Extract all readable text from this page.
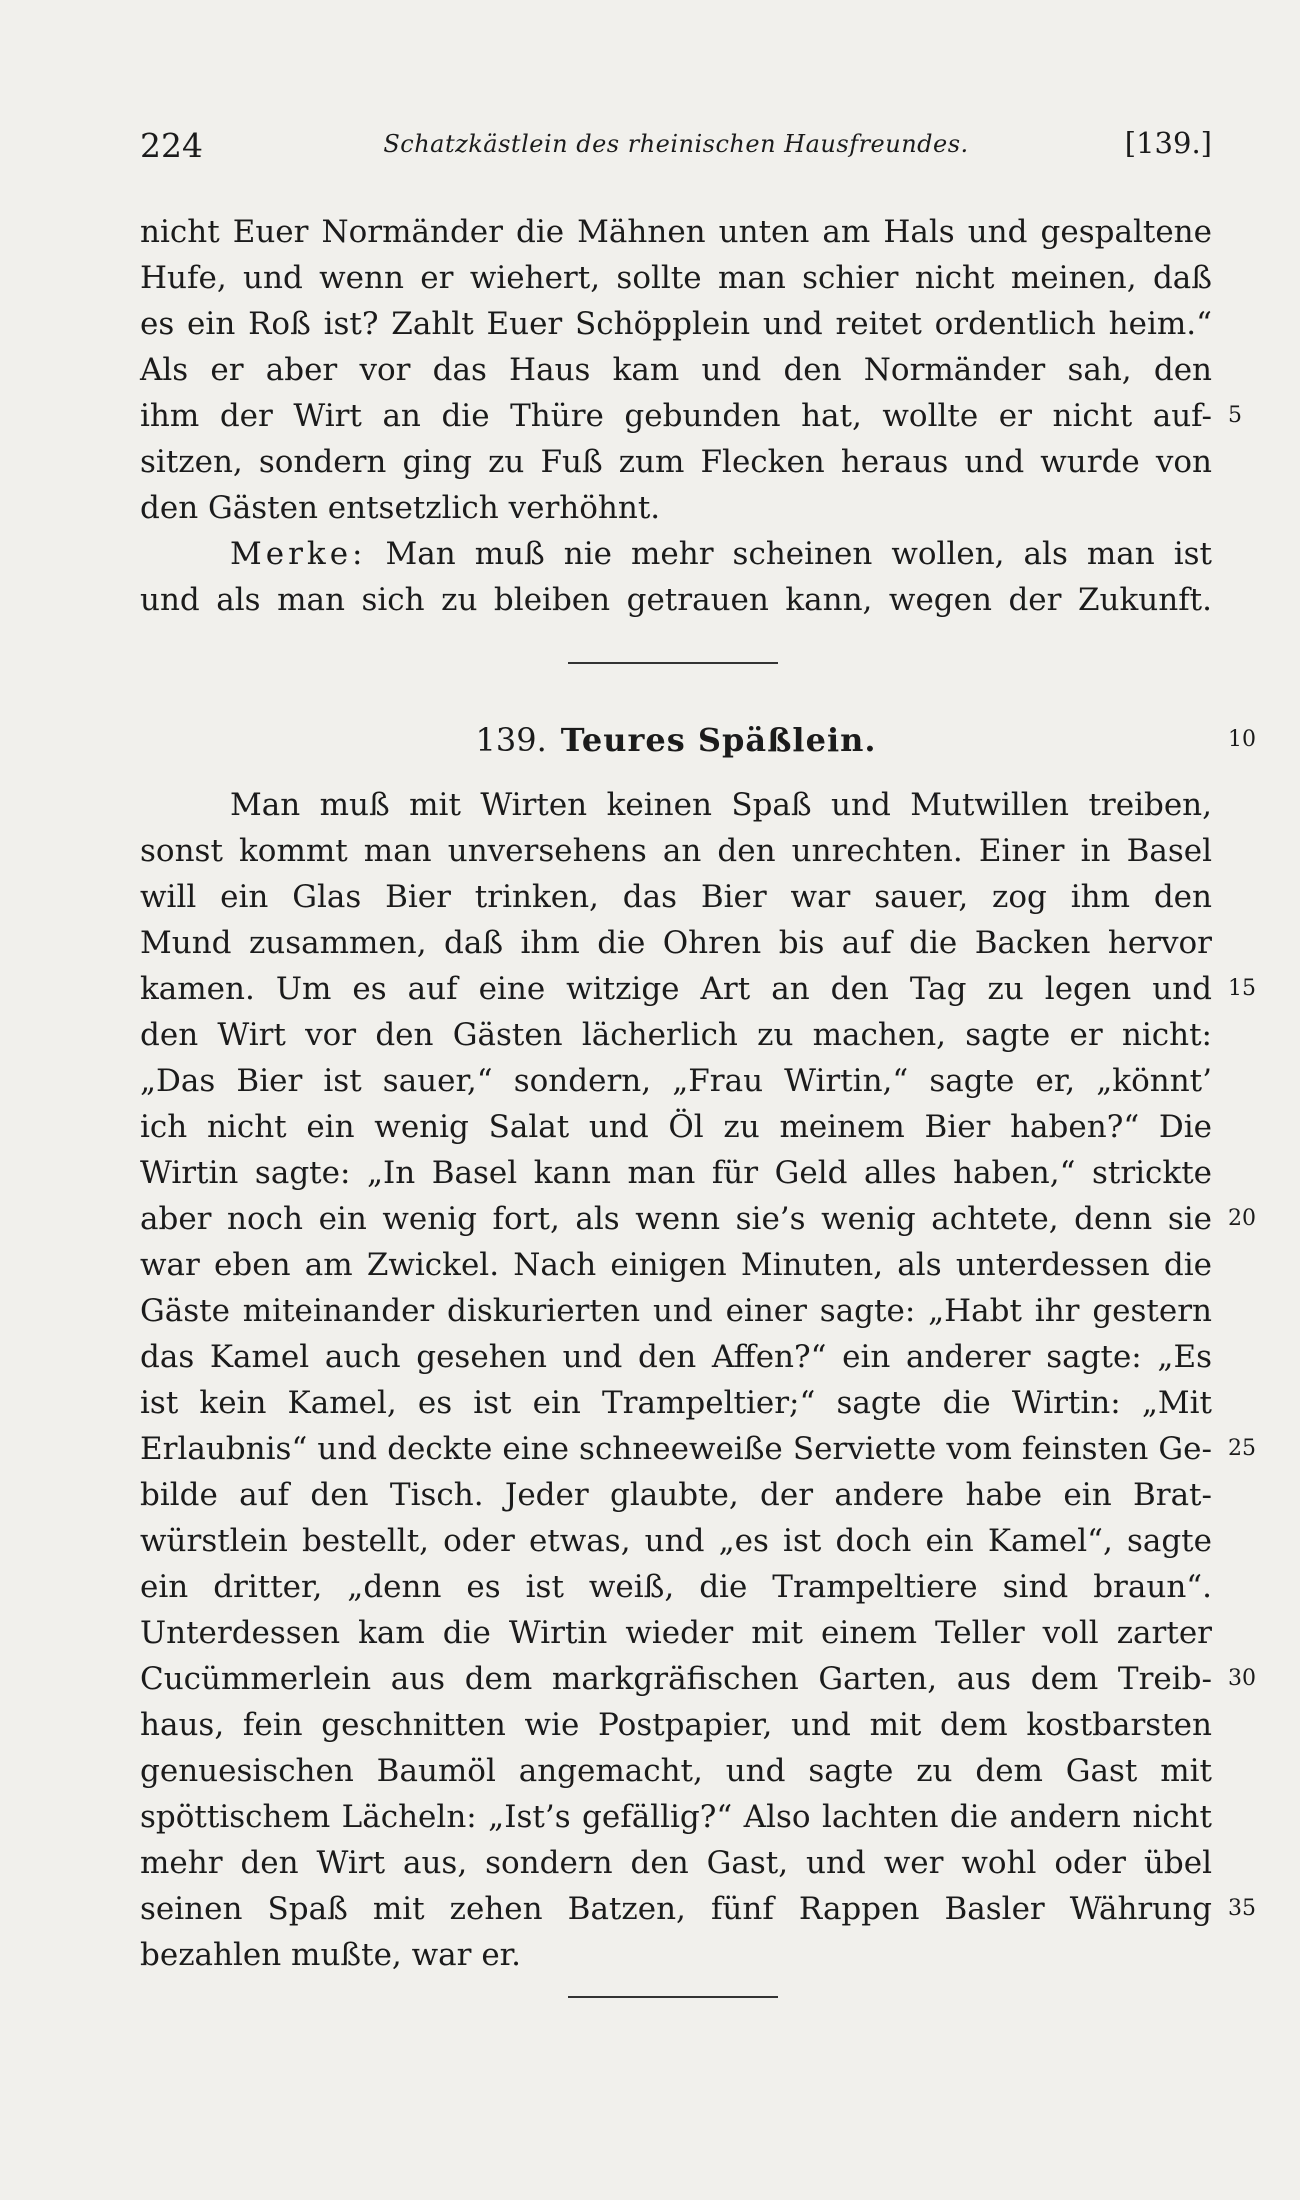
224	Schatzkästlein des rheinischen Hausfreundes.	[139.]
nicht Euer Normänder die Mähnen unten am Hals und gespaltene
Hufe, und wenn er wiehert, sollte man schier nicht meinen, daß
es ein Roß ist? Zahlt Euer Schöpplein und reitet ordentlich heim.“
Als er aber vor das Haus kam und den Normänder sah, den
ihm der Wirt an die Thüre gebunden hat, wollte er nicht auf-
sitzen, sondern ging zu Fuß zum Flecken heraus und wurde von
den Gästen entsetzlich verhöhnt.
Merke: Man muß nie mehr scheinen wollen, als man ist
und als man sich zu bleiben getrauen kann, wegen der Zukunft.
139. Teures Späßlein.
Man muß mit Wirten keinen Spaß und Mutwillen treiben,
sonst kommt man unversehens an den unrechten. Einer in Basel
will ein Glas Bier trinken, das Bier war sauer, zog ihm den
Mund zusammen, daß ihm die Ohren bis auf die Backen hervor
kamen. Um es auf eine witzige Art an den Tag zu legen und
den Wirt vor den Gästen lächerlich zu machen, sagte er nicht:
„Das Bier ist sauer,“ sondern, „Frau Wirtin,“ sagte er, „könnt’
ich nicht ein wenig Salat und Öl zu meinem Bier haben?“ Die
Wirtin sagte: „In Basel kann man für Geld alles haben,“ strickte
aber noch ein wenig fort, als wenn sie’s wenig achtete, denn sie
war eben am Zwickel. Nach einigen Minuten, als unterdessen die
Gäste miteinander diskurierten und einer sagte: „Habt ihr gestern
das Kamel auch gesehen und den Affen?“ ein anderer sagte: „Es
ist kein Kamel, es ist ein Trampeltier;“ sagte die Wirtin: „Mit
Erlaubnis“ und deckte eine schneeweiße Serviette vom feinsten Ge-
bilde auf den Tisch. Jeder glaubte, der andere habe ein Brat-
würstlein bestellt, oder etwas, und „es ist doch ein Kamel“, sagte
ein dritter, „denn es ist weiß, die Trampeltiere sind braun“.
Unterdessen kam die Wirtin wieder mit einem Teller voll zarter
Cucümmerlein aus dem markgräfischen Garten, aus dem Treib-
haus, fein geschnitten wie Postpapier, und mit dem kostbarsten
genuesischen Baumöl angemacht, und sagte zu dem Gast mit
spöttischem Lächeln: „Ist’s gefällig?“ Also lachten die andern nicht
mehr den Wirt aus, sondern den Gast, und wer wohl oder übel
seinen Spaß mit zehen Batzen, fünf Rappen Basler Währung
bezahlen mußte, war er.
5
10
15
20
25
30
35
